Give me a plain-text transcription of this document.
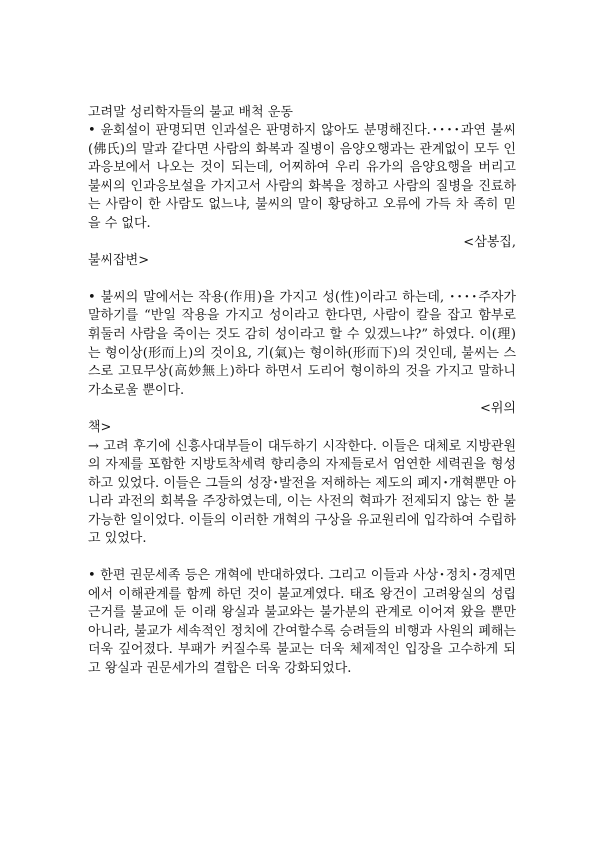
고려말 성리학자들의 불교 배척 운동

• 윤회설이 판명되면 인과설은 판명하지 않아도 분명해진다.････과연 불씨(佛氏)의 말과 같다면 사람의 화복과 질병이 음양오행과는 관계없이 모두 인과응보에서 나오는 것이 되는데, 어찌하여 우리 유가의 음양요행을 버리고 불씨의 인과응보설을 가지고서 사람의 화복을 정하고 사람의 질병을 진료하는 사람이 한 사람도 없느냐, 불씨의 말이 황당하고 오류에 가득 차 족히 믿을 수 없다.

<삼봉집,
불씨잡변>

• 불씨의 말에서는 작용(作用)을 가지고 성(性)이라고 하는데, ････주자가 말하기를 “반일 작용을 가지고 성이라고 한다면, 사람이 칼을 잡고 함부로 휘둘러 사람을 죽이는 것도 감히 성이라고 할 수 있겠느냐?” 하였다. 이(理)는 형이상(形而上)의 것이요, 기(氣)는 형이하(形而下)의 것인데, 불씨는 스스로 고묘무상(高妙無上)하다 하면서 도리어 형이하의 것을 가지고 말하니 가소로울 뿐이다.

<위의
책>

→ 고려 후기에 신흥사대부들이 대두하기 시작한다. 이들은 대체로 지방관원의 자제를 포함한 지방토착세력 향리층의 자제들로서 엄연한 세력권을 형성하고 있었다. 이들은 그들의 성장･발전을 저해하는 제도의 폐지･개혁뿐만 아니라 과전의 회복을 주장하였는데, 이는 사전의 혁파가 전제되지 않는 한 불가능한 일이었다. 이들의 이러한 개혁의 구상을 유교원리에 입각하여 수립하고 있었다.

• 한편 권문세족 등은 개혁에 반대하였다. 그리고 이들과 사상･정치･경제면에서 이해관계를 함께 하던 것이 불교계였다. 태조 왕건이 고려왕실의 성립근거를 불교에 둔 이래 왕실과 불교와는 불가분의 관계로 이어져 왔을 뿐만 아니라, 불교가 세속적인 정치에 간여할수록 승려들의 비행과 사원의 폐해는 더욱 깊어졌다. 부패가 커질수록 불교는 더욱 체제적인 입장을 고수하게 되고 왕실과 권문세가의 결합은 더욱 강화되었다.
